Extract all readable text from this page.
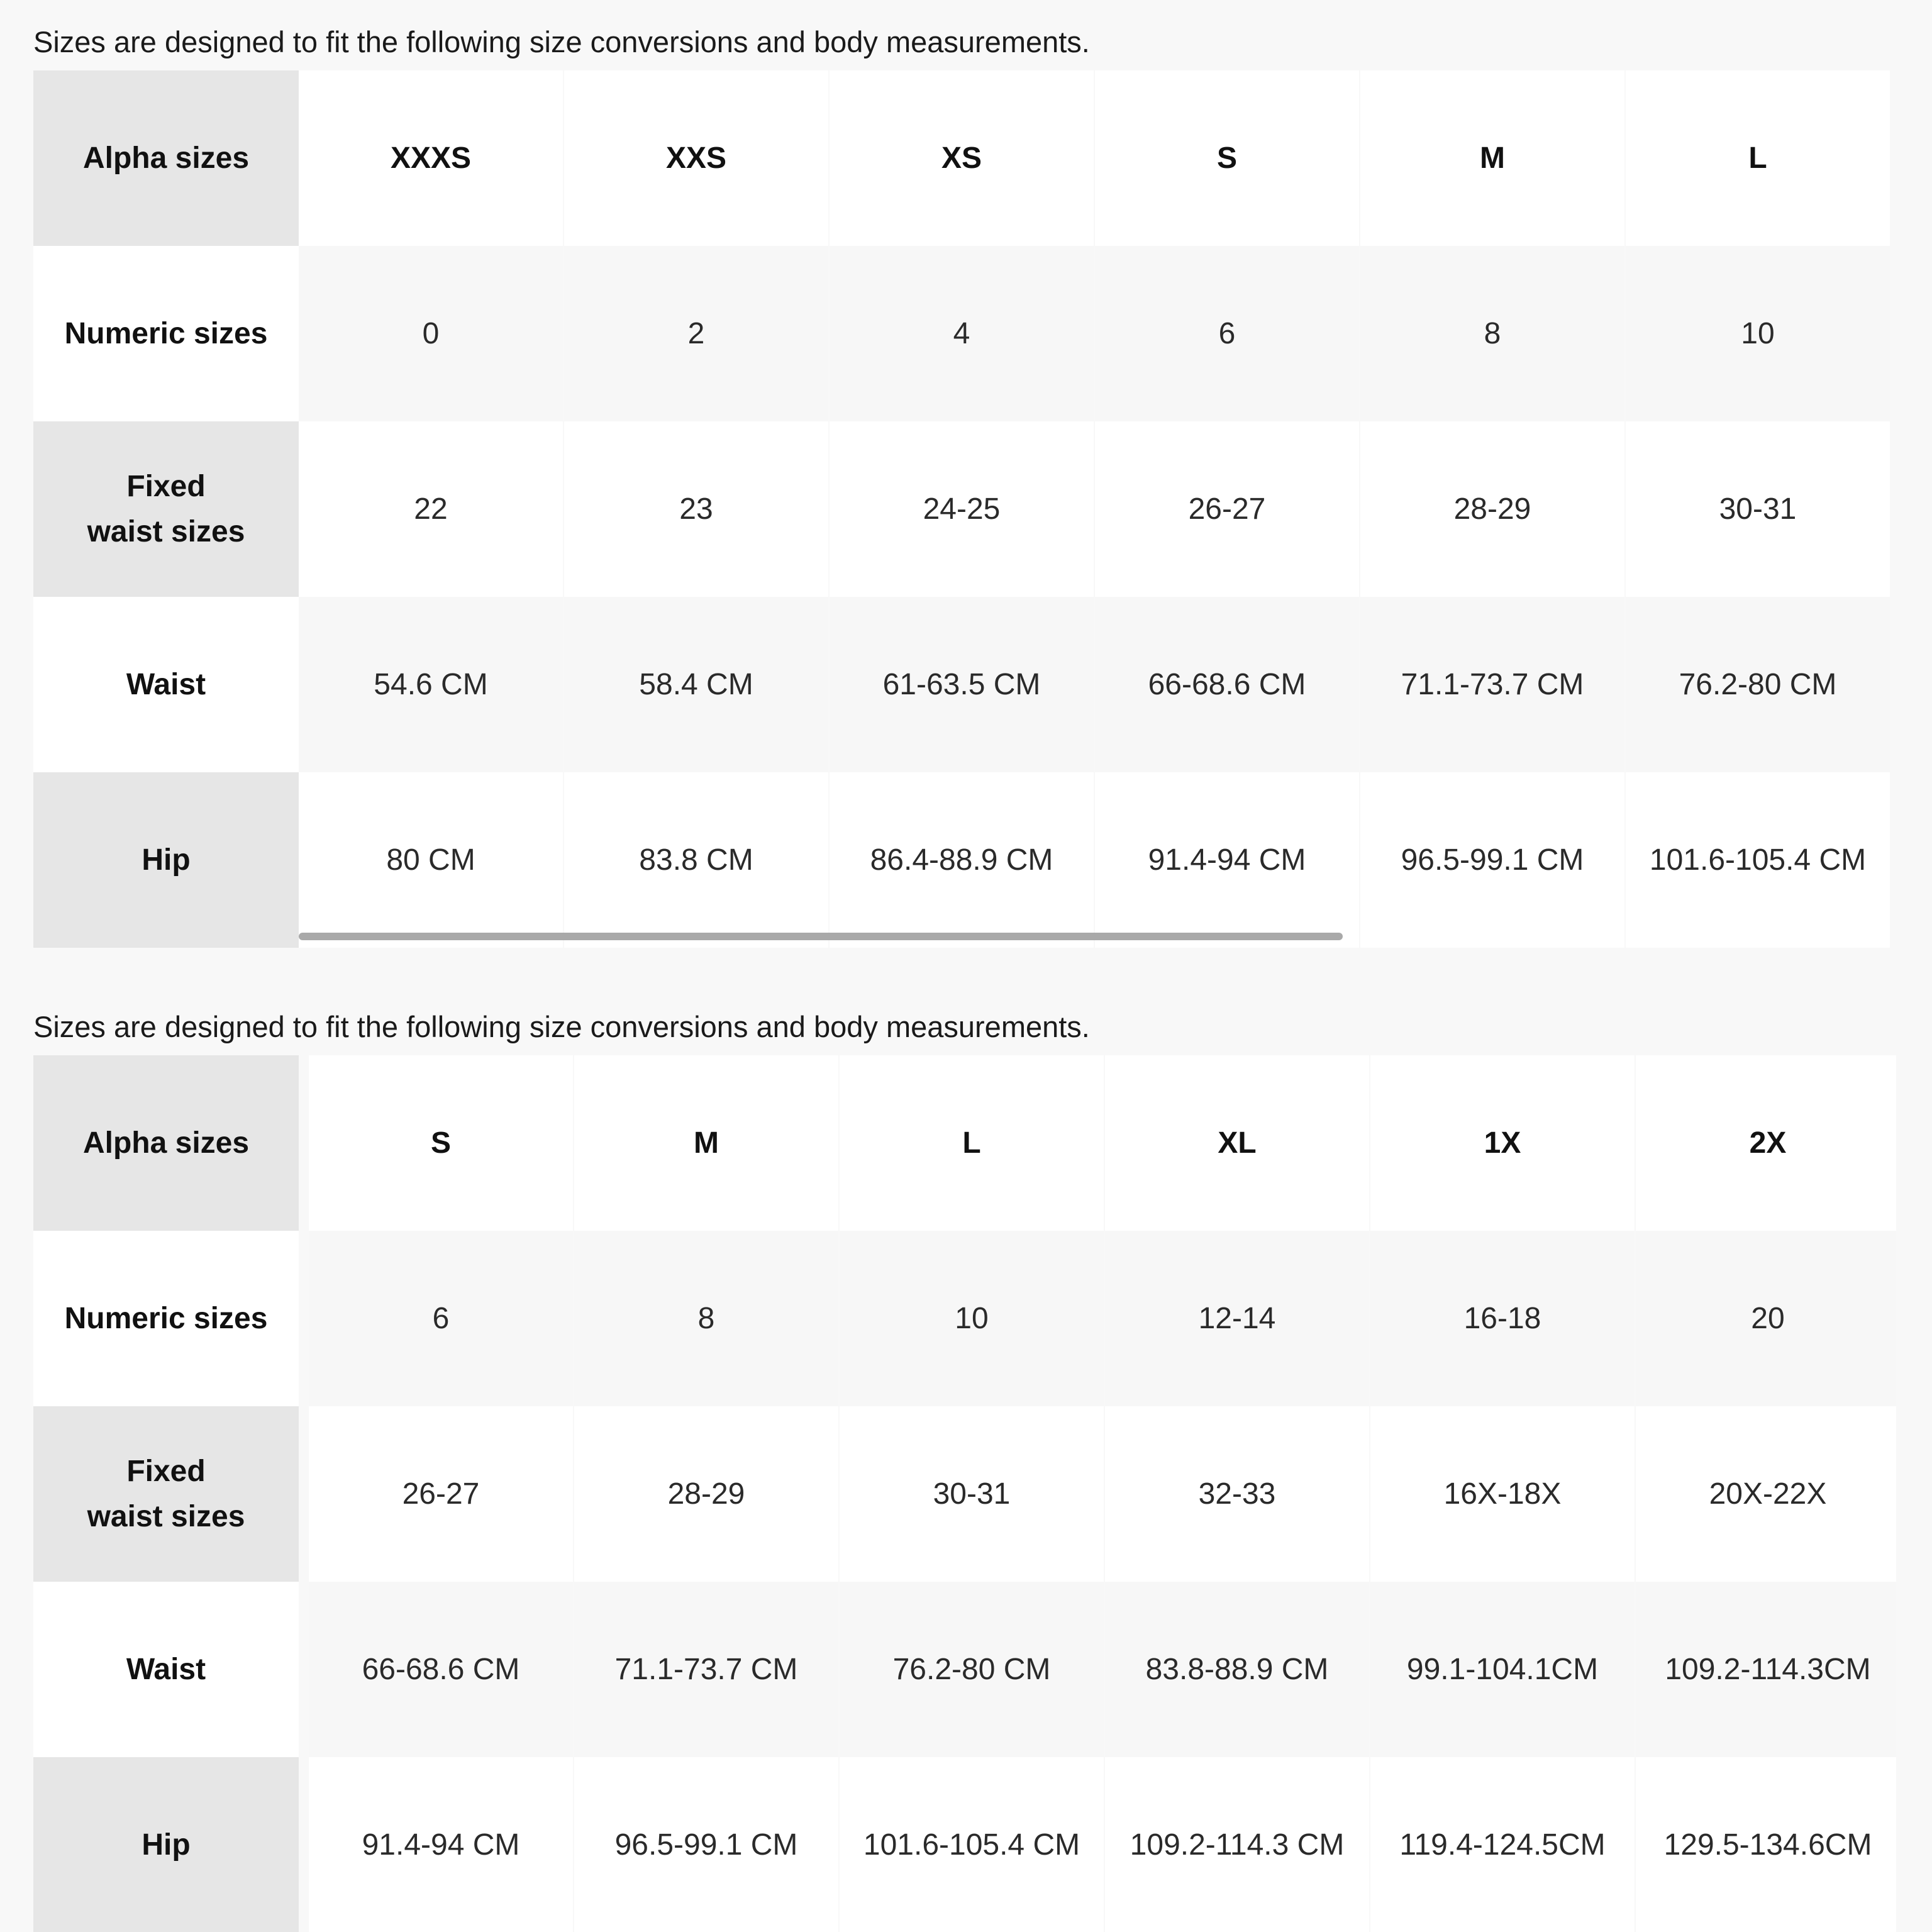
Sizes are designed to fit the following size conversions and body measurements.

Alpha sizes	XXXS	XXS	XS	S	M	L
Numeric sizes	0	2	4	6	8	10
Fixed
waist sizes
22	23	24-25	26-27	28-29	30-31
Waist	54.6 CM	58.4 CM	61-63.5 CM	66-68.6 CM	71.1-73.7 CM	76.2-80 CM
Hip	80 CM	83.8 CM	86.4-88.9 CM	91.4-94 CM	96.5-99.1 CM	101.6-105.4 CM

Sizes are designed to fit the following size conversions and body measurements.

Alpha sizes	S	M	L	XL	1X	2X
Numeric sizes	6	8	10	12-14	16-18	20
Fixed
waist sizes
26-27	28-29	30-31	32-33	16X-18X	20X-22X
Waist	66-68.6 CM	71.1-73.7 CM	76.2-80 CM	83.8-88.9 CM	99.1-104.1CM	109.2-114.3CM
Hip	91.4-94 CM	96.5-99.1 CM	101.6-105.4 CM	109.2-114.3 CM	119.4-124.5CM	129.5-134.6CM
